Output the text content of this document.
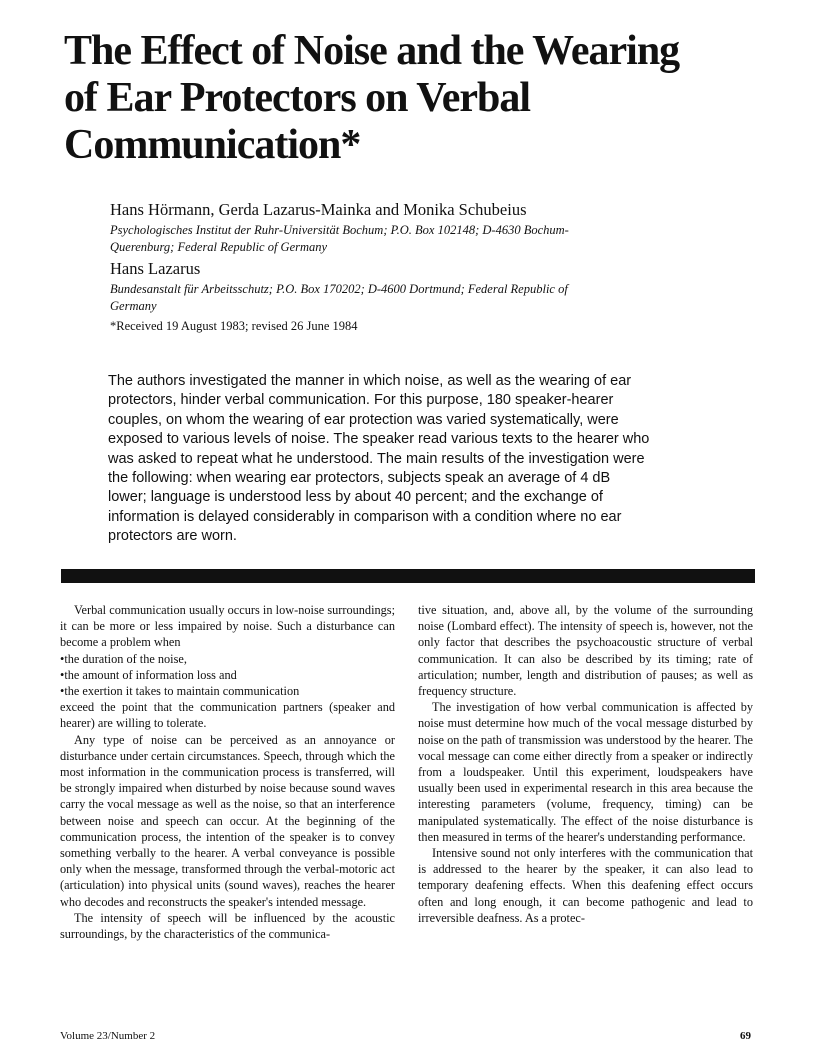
The Effect of Noise and the Wearing
of Ear Protectors on Verbal
Communication*
Hans Hörmann, Gerda Lazarus-Mainka and Monika Schubeius
Psychologisches Institut der Ruhr-Universität Bochum; P.O. Box 102148; D-4630 Bochum-
Querenburg; Federal Republic of Germany
Hans Lazarus
Bundesanstalt für Arbeitsschutz; P.O. Box 170202; D-4600 Dortmund; Federal Republic of
Germany
*Received 19 August 1983; revised 26 June 1984
The authors investigated the manner in which noise, as well as the wearing of ear
protectors, hinder verbal communication. For this purpose, 180 speaker-hearer
couples, on whom the wearing of ear protection was varied systematically, were
exposed to various levels of noise. The speaker read various texts to the hearer who
was asked to repeat what he understood. The main results of the investigation were
the following: when wearing ear protectors, subjects speak an average of 4 dB
lower; language is understood less by about 40 percent; and the exchange of
information is delayed considerably in comparison with a condition where no ear
protectors are worn.

Verbal communication usually occurs in low-noise surroundings; it can be more or less impaired by noise. Such a disturbance can become a problem when

• the duration of the noise,
• the amount of information loss and
• the exertion it takes to maintain communication

exceed the point that the communication partners (speaker and hearer) are willing to tolerate.

Any type of noise can be perceived as an annoyance or disturbance under certain circumstances. Speech, through which the most information in the communication process is transferred, will be strongly impaired when disturbed by noise because sound waves carry the vocal message as well as the noise, so that an interference between noise and speech can occur. At the beginning of the communication process, the intention of the speaker is to convey something verbally to the hearer. A verbal conveyance is possible only when the message, transformed through the verbal-motoric act (articulation) into physical units (sound waves), reaches the hearer who decodes and reconstructs the speaker's intended message.

The intensity of speech will be influenced by the acoustic surroundings, by the characteristics of the communica-

tive situation, and, above all, by the volume of the surrounding noise (Lombard effect). The intensity of speech is, however, not the only factor that describes the psychoacoustic structure of verbal communication. It can also be described by its timing; rate of articulation; number, length and distribution of pauses; as well as frequency structure.

The investigation of how verbal communication is affected by noise must determine how much of the vocal message disturbed by noise on the path of transmission was understood by the hearer. The vocal message can come either directly from a speaker or indirectly from a loudspeaker. Until this experiment, loudspeakers have usually been used in experimental research in this area because the interesting parameters (volume, frequency, timing) can be manipulated systematically. The effect of the noise disturbance is then measured in terms of the hearer's understanding performance.

Intensive sound not only interferes with the communication that is addressed to the hearer by the speaker, it can also lead to temporary deafening effects. When this deafening effect occurs often and long enough, it can become pathogenic and lead to irreversible deafness. As a protec-

Volume 23/Number 2	69
